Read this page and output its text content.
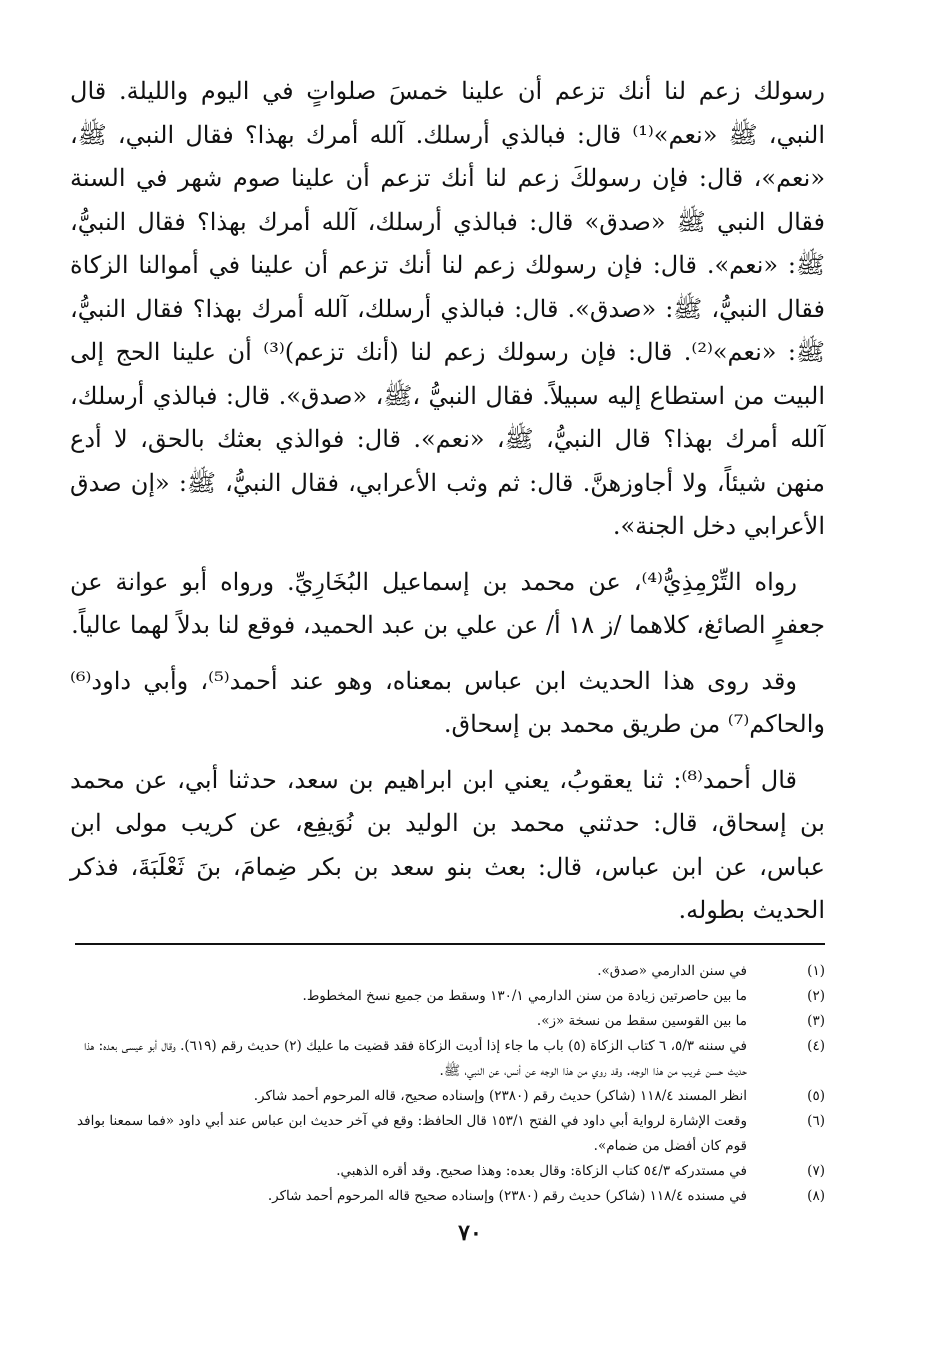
رسولك زعم لنا أنك تزعم أن علينا خمسَ صلواتٍ في اليوم والليلة. قال النبي، ﷺ «نعم»⁽¹⁾ قال: فبالذي أرسلك. آلله أمرك بهذا؟ فقال النبي، ﷺ، «نعم»، قال: فإن رسولكَ زعم لنا أنك تزعم أن علينا صوم شهر في السنة فقال النبي ﷺ «صدق» قال: فبالذي أرسلك، آلله أمرك بهذا؟ فقال النبيُّ، ﷺ: «نعم». قال: فإن رسولك زعم لنا أنك تزعم أن علينا في أموالنا الزكاة فقال النبيُّ، ﷺ: «صدق». قال: فبالذي أرسلك، آلله أمرك بهذا؟ فقال النبيُّ، ﷺ: «نعم»⁽²⁾. قال: فإن رسولك زعم لنا (أنك تزعم)⁽³⁾ أن علينا الحج إلى البيت من استطاع إليه سبيلاً. فقال النبيُّ ،ﷺ، «صدق». قال: فبالذي أرسلك، آلله أمرك بهذا؟ قال النبيُّ، ﷺ، «نعم». قال: فوالذي بعثك بالحق، لا أدع منهن شيئاً، ولا أجاوزهنَّ. قال: ثم وثب الأعرابي، فقال النبيُّ، ﷺ: «إن صدق الأعرابي دخل الجنة».

رواه التِّرْمِذِيُّ⁽⁴⁾، عن محمد بن إسماعيل البُخَارِيِّ. ورواه أبو عوانة عن جعفرٍ الصائغ، كلاهما /ز ١٨ أ/ عن علي بن عبد الحميد، فوقع لنا بدلاً لهما عالياً.

وقد روى هذا الحديث ابن عباس بمعناه، وهو عند أحمد⁽⁵⁾، وأبي داود⁽⁶⁾ والحاكم⁽⁷⁾ من طريق محمد بن إسحاق.

قال أحمد⁽⁸⁾: ثنا يعقوبُ، يعني ابن ابراهيم بن سعد، حدثنا أبي، عن محمد بن إسحاق، قال: حدثني محمد بن الوليد بن نُوَيفِع، عن كريب مولى ابن عباس، عن ابن عباس، قال: بعث بنو سعد بن بكر ضِمامَ، بنَ ثَعْلَبَةَ، فذكر الحديث بطوله.

(١)
في سنن الدارمي «صدق».
(٢)
ما بين حاصرتين زيادة من سنن الدارمي ١٣٠/١ وسقط من جميع نسخ المخطوط.
(٣)
ما بين القوسين سقط من نسخة «ز».
(٤)
في سننه ٥/٣، ٦ كتاب الزكاة (٥) باب ما جاء إذا أديت الزكاة فقد قضيت ما عليك (٢) حديث رقم (٦١٩). وقال أبو عيسى بعده: هذا حديث حسن غريب من هذا الوجه. وقد روي من هذا الوجه عن أنس، عن النبي، ﷺ.
(٥)
انظر المسند ١١٨/٤ (شاكر) حديث رقم (٢٣٨٠) وإسناده صحيح، قاله المرحوم أحمد شاكر.
(٦)
وقعت الإشارة لرواية أبي داود في الفتح ١٥٣/١ قال الحافظ: وقع في آخر حديث ابن عباس عند أبي داود «فما سمعنا بوافد قوم كان أفضل من ضمام».
(٧)
في مستدركه ٥٤/٣ كتاب الزكاة: وقال بعده: وهذا صحيح. وقد أقره الذهبي.
(٨)
في مسنده ١١٨/٤ (شاكر) حديث رقم (٢٣٨٠) وإسناده صحيح قاله المرحوم أحمد شاكر.
٧٠
